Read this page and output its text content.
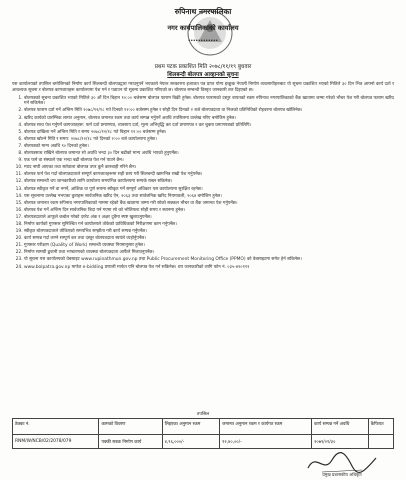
रुपिनाथ नगरपालिका
नगर कार्यपालिकाको कार्यालय
............
प्रथम पटक प्रकाशित मिति २०७८/११/१९ बुधवार
शिलबन्दी बोलपत्र आव्हानको सूचना

यस कार्यालयको तपसिल बमोजिमको निर्माण कार्य सिलबन्दी बोलपत्रद्वारा गराउनुपर्ने भएकाले नेपाल सरकारमा इजाजत पत्र प्राप्त योग्य इच्छुक नेपाली निर्माण व्यवसायीहरुबाट यो सूचना प्रकाशित भएको मितिले ३० दिन भित्र आफ्नो कार्य दर्ता र आवश्यक सूचना र बोलपत्र कागजातहरू कार्यालयमा पेश गर्न र पठाउन यो सूचना प्रकाशित गरिएको छ। बोलपत्र सम्बन्धी विस्तृत जानकारी तल दिइएको छ।

1. बोलपत्रको सूचना प्रकाशित भएको मितिले ३० औं दिन बिहान १०:०० बजेसम्म बोलपत्र फाराम बिक्री हुनेछ। बोलपत्र फारामको दस्तुर बापतको रकम रुपिनाथ नगरपालिकाको बैंक खातामा जम्मा गरेको भौचर पेश गरी बोलपत्र फाराम खरिद गर्न सकिनेछ।
2. बोलपत्र फाराम दर्ता गर्ने अन्तिम मिति २०७८/१२/१८ गते दिनको १२:०० बजेसम्म हुनेछ र सोही दिन दिनको २ बजे बोलपत्रदाता वा निजको प्रतिनिधिको रोहवरमा बोलपत्र खोलिनेछ।
3. खरिद कार्यको प्रारम्भिक लागत अनुमान, बोलपत्र जमानत रकम तथा कार्य सम्पन्न गर्नुपर्ने अवधि तपसिलमा उल्लेख गरिए बमोजिम हुनेछ।
4. बोलपत्र साथ पेश गर्नुपर्ने कागजातहरू: फर्म दर्ता प्रमाणपत्र, व्यवसाय दर्ता, मूल्य अभिवृद्धि कर दर्ता प्रमाणपत्र र कर चुक्ता प्रमाणपत्रको प्रतिलिपि।
5. बोलपत्र दाखिला गर्ने अन्तिम मिति र समय २०७८/१२/१८ गते बिहान १२:०० बजेसम्म हुनेछ।
6. बोलपत्र खोल्ने मिति र समय: २०७८/१२/१८ गते दिनको २:०० बजे कार्यालयमा हुनेछ।
7. बोलपत्रको मान्य अवधि ९० दिनको हुनेछ।
8. बोलपत्रसाथ राखिने बोलपत्र जमानत सो अवधि भन्दा ३० दिन बढीको मान्य अवधि भएको हुनुपर्नेछ।
9. एक फर्म वा संस्थाले एक भन्दा बढी बोलपत्र पेश गर्न पाउने छैन।
10. म्याद नाघी आएका तथा सर्तवाला बोलपत्र उपर कुनै कारबाही गरिने छैन।
11. बोलपत्र फर्म पेश गर्दा बोलपत्रदाताले सम्पूर्ण कागजातहरूमा सही छाप गरी सिलबन्दी खामभित्र राखी पेश गर्नुपर्नेछ।
12. बोलपत्र सम्बन्धी थप जानकारीको लागि कार्यालय समयभित्र कार्यालयमा सम्पर्क राख्न सकिनेछ।
13. बोलपत्र स्वीकृत गर्ने वा नगर्ने, आंशिक वा पूर्ण रूपमा स्वीकृत गर्ने सम्पूर्ण अधिकार यस कार्यालयमा सुरक्षित रहनेछ।
14. यस सूचनामा उल्लेख नभएका कुराहरू सार्वजनिक खरिद ऐन, २०६३ तथा सार्वजनिक खरिद नियमावली, २०६४ बमोजिम हुनेछ।
15. बोलपत्र जमानत रकम रुपिनाथ नगरपालिकाको नाममा रहेको बैंक खातामा जम्मा गरी सोको सक्कल भौचर वा बैंक जमानत पेश गर्नुपर्नेछ।
16. बोलपत्र पेश गर्ने अन्तिम दिन सार्वजनिक बिदा पर्न गएमा सो को भोलिपल्ट सोही समय र स्थानमा हुनेछ।
17. बोलपत्रदाताले आफूले कबोल गरेको दररेट अंक र अक्षर दुवैमा स्पष्ट खुलाउनुपर्नेछ।
18. निर्माण कार्यको गुणस्तर सुनिश्चित गर्न कार्यालयले तोकेको प्राविधिकको निरीक्षणमा काम गर्नुपर्नेछ।
19. स्वीकृत बोलपत्रदाताले तोकिएको समयभित्र सम्झौता गरी कार्य सम्पन्न गर्नुपर्नेछ।
20. कार्य सम्पन्न गर्दा लाग्ने सम्पूर्ण कर तथा दस्तुर बोलपत्रदाता स्वयंले व्यहोर्नुपर्नेछ।
21. गुणस्तर परीक्षण (Quality of Work) सम्बन्धी व्यवस्था नियमानुसार हुनेछ।
22. निर्माण सामग्री ढुवानी तथा भण्डारणको व्यवस्था बोलपत्रदाता आफैंले मिलाउनुपर्नेछ।
23. यो सूचना यस कार्यालयको वेबसाइट www.rupinathmun.gov.np तथा Public Procurement Monitoring Office (PPMO) को वेबसाइटमा समेत हेर्न सकिनेछ।
24. www.bolpatra.gov.np मार्फत e-bidding प्रणाली मार्फत पनि बोलपत्र पेश गर्न सकिनेछ। थप जानकारीको लागि फोन नं. ०३५-४२०११२
तपसिल
ठेक्का नं.	कामको विवरण	लिइएका अनुमान रकम	जमानत अनुमान रकम र कार्यगत रकम	कार्य सम्पन्न गर्ने अवधि	कैफियत
RNM/W/NCB/02/2078/079	पक्की सडक निर्माण कार्य	४,९६,०००/-	१२,४०,००/-	२०७९/०१/३०	
प्रमुख प्रशासकीय अधिकृत
